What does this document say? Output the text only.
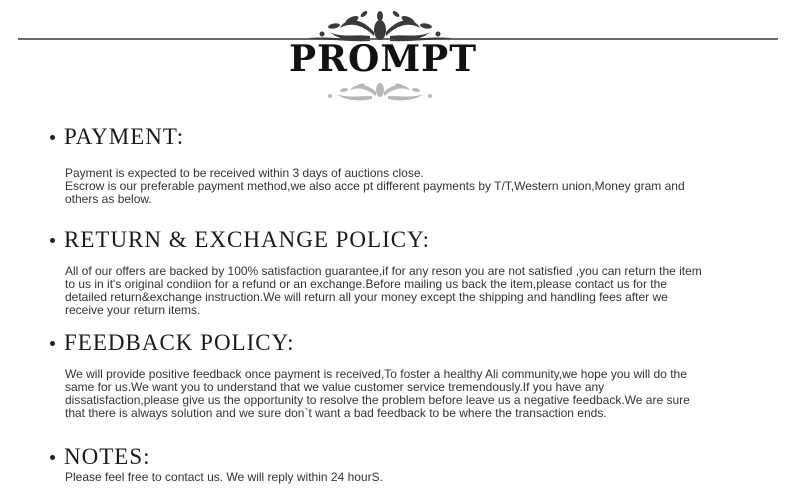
PROMPT
PAYMENT:
Payment is expected to be received within 3 days of auctions close.
Escrow is our preferable payment method,we also acce pt different payments by T/T,Western union,Money gram and
others as below.
RETURN & EXCHANGE POLICY:
All of our offers are backed by 100% satisfaction guarantee,if for any reson you are not satisfied ,you can return the item
to us in it's original condiion for a refund or an exchange.Before mailing us back the item,please contact us for the
detailed return&exchange instruction.We will return all your money except the shipping and handling fees after we
receive your return items.
FEEDBACK POLICY:
We will provide positive feedback once payment is received,To foster a healthy Ali community,we hope you will do the
same for us.We want you to understand that we value customer service tremendously.If you have any
dissatisfaction,please give us the opportunity to resolve the problem before leave us a negative feedback.We are sure
that there is always solution and we sure don`t want a bad feedback to be where the transaction ends.
NOTES:
Please feel free to contact us. We will reply within 24 hourS.
